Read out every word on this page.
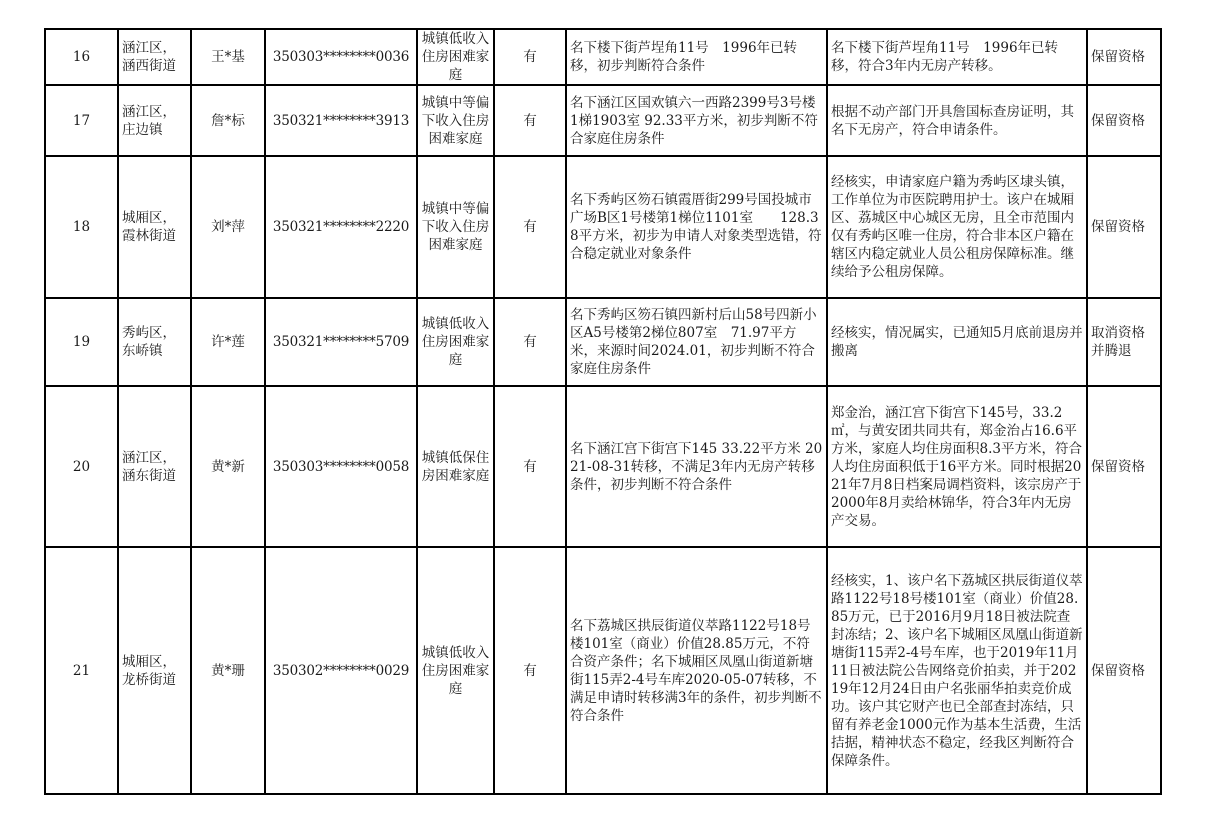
16	涵江区，涵西街道	王*基	350303********0036	城镇低收入住房困难家庭	有	名下楼下街芦埕角11号　1996年已转移，初步判断符合条件	名下楼下街芦埕角11号　1996年已转移，符合3年内无房产转移。	保留资格
17	涵江区，庄边镇	詹*标	350321********3913	城镇中等偏下收入住房困难家庭	有	名下涵江区国欢镇六一西路2399号3号楼1梯1903室 92.33平方米，初步判断不符合家庭住房条件	根据不动产部门开具詹国标查房证明，其名下无房产，符合申请条件。	保留资格
18	城厢区，霞林街道	刘*萍	350321********2220	城镇中等偏下收入住房困难家庭	有	名下秀屿区笏石镇霞厝街299号国投城市广场B区1号楼第1梯位1101室　　128.38平方米，初步为申请人对象类型选错，符合稳定就业对象条件	经核实，申请家庭户籍为秀屿区埭头镇，工作单位为市医院聘用护士。该户在城厢区、荔城区中心城区无房，且全市范围内仅有秀屿区唯一住房，符合非本区户籍在辖区内稳定就业人员公租房保障标准。继续给予公租房保障。	保留资格
19	秀屿区，东峤镇	许*莲	350321********5709	城镇低收入住房困难家庭	有	名下秀屿区笏石镇四新村后山58号四新小区A5号楼第2梯位807室　71.97平方米，来源时间2024.01，初步判断不符合家庭住房条件	经核实，情况属实，已通知5月底前退房并搬离	取消资格并腾退
20	涵江区，涵东街道	黄*新	350303********0058	城镇低保住房困难家庭	有	名下涵江宫下街宫下145 33.22平方米 2021-08-31转移，不满足3年内无房产转移条件，初步判断不符合条件	郑金治，涵江宫下街宫下145号，33.2㎡，与黄安团共同共有，郑金治占16.6平方米，家庭人均住房面积8.3平方米，符合人均住房面积低于16平方米。同时根据2021年7月8日档案局调档资料，该宗房产于2000年8月卖给林锦华，符合3年内无房产交易。	保留资格
21	城厢区，龙桥街道	黄*珊	350302********0029	城镇低收入住房困难家庭	有	名下荔城区拱辰街道仪萃路1122号18号楼101室（商业）价值28.85万元，不符合资产条件；名下城厢区凤凰山街道新塘街115弄2-4号车库2020-05-07转移，不满足申请时转移满3年的条件，初步判断不符合条件	经核实，1、该户名下荔城区拱辰街道仪萃路1122号18号楼101室（商业）价值28.85万元，已于2016月9月18日被法院查封冻结；2、该户名下城厢区凤凰山街道新塘街115弄2-4号车库，也于2019年11月11日被法院公告网络竞价拍卖，并于20219年12月24日由户名张丽华拍卖竞价成功。该户其它财产也已全部查封冻结，只留有养老金1000元作为基本生活费，生活拮据，精神状态不稳定，经我区判断符合保障条件。	保留资格
